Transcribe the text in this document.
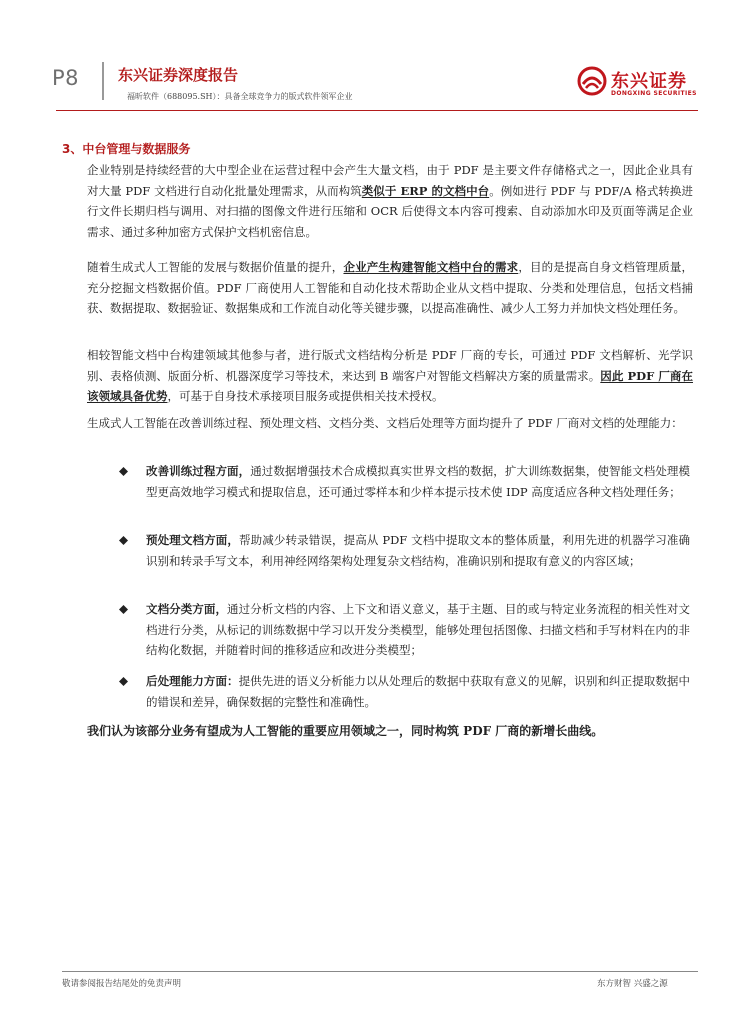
P8	东兴证券深度报告
福昕软件（688095.SH）：具备全球竞争力的版式软件领军企业
东兴证券
DONGXING SECURITIES
3、中台管理与数据服务
企业特别是持续经营的大中型企业在运营过程中会产生大量文档，由于 PDF 是主要文件存储格式之一，因此企业具有对大量 PDF 文档进行自动化批量处理需求，从而构筑类似于 ERP 的文档中台。例如进行 PDF 与 PDF/A 格式转换进行文件长期归档与调用、对扫描的图像文件进行压缩和 OCR 后使得文本内容可搜索、自动添加水印及页面等满足企业需求、通过多种加密方式保护文档机密信息。
随着生成式人工智能的发展与数据价值量的提升，企业产生构建智能文档中台的需求，目的是提高自身文档管理质量，充分挖掘文档数据价值。PDF 厂商使用人工智能和自动化技术帮助企业从文档中提取、分类和处理信息，包括文档捕获、数据提取、数据验证、数据集成和工作流自动化等关键步骤，以提高准确性、减少人工努力并加快文档处理任务。
相较智能文档中台构建领域其他参与者，进行版式文档结构分析是 PDF 厂商的专长，可通过 PDF 文档解析、光学识别、表格侦测、版面分析、机器深度学习等技术，来达到 B 端客户对智能文档解决方案的质量需求。因此 PDF 厂商在该领域具备优势，可基于自身技术承接项目服务或提供相关技术授权。
生成式人工智能在改善训练过程、预处理文档、文档分类、文档后处理等方面均提升了 PDF 厂商对文档的处理能力：
改善训练过程方面，通过数据增强技术合成模拟真实世界文档的数据，扩大训练数据集，使智能文档处理模型更高效地学习模式和提取信息，还可通过零样本和少样本提示技术使 IDP 高度适应各种文档处理任务；
预处理文档方面，帮助减少转录错误，提高从 PDF 文档中提取文本的整体质量，利用先进的机器学习准确识别和转录手写文本，利用神经网络架构处理复杂文档结构，准确识别和提取有意义的内容区域；
文档分类方面，通过分析文档的内容、上下文和语义意义，基于主题、目的或与特定业务流程的相关性对文档进行分类，从标记的训练数据中学习以开发分类模型，能够处理包括图像、扫描文档和手写材料在内的非结构化数据，并随着时间的推移适应和改进分类模型；
后处理能力方面：提供先进的语义分析能力以从处理后的数据中获取有意义的见解，识别和纠正提取数据中的错误和差异，确保数据的完整性和准确性。
我们认为该部分业务有望成为人工智能的重要应用领域之一，同时构筑 PDF 厂商的新增长曲线。
敬请参阅报告结尾处的免责声明	东方财智 兴盛之源
